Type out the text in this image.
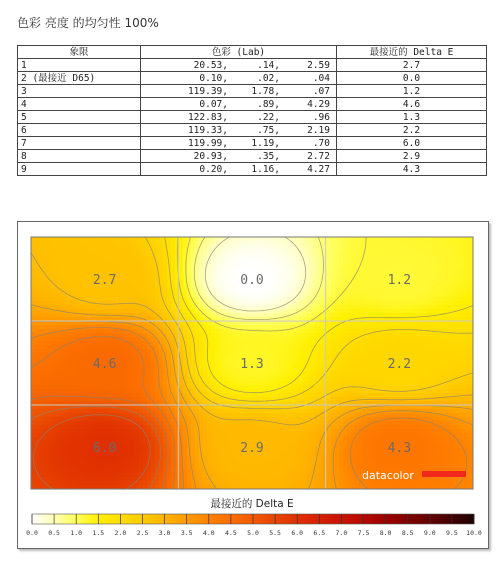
色彩 亮度 的均匀性 100%
象限	色彩 (Lab)	最接近的 Delta E
1	20.53, .14, 2.59	2.7
2 (最接近 D65)	0.10, .02, .04	0.0
3	119.39, 1.78, .07	1.2
4	0.07, .89, 4.29	4.6
5	122.83, .22, .96	1.3
6	119.33, .75, 2.19	2.2
7	119.99, 1.19, .70	6.0
8	20.93, .35, 2.72	2.9
9	0.20, 1.16, 4.27	4.3
2.7	0.0	1.2
4.6	1.3	2.2
6.0	2.9	4.3
datacolor
最接近的 Delta E
0.0 0.5 1.0 1.5 2.0 2.5 3.0 3.5 4.0 4.5 5.0 5.5 6.0 6.5 7.0 7.5 8.0 8.5 9.0 9.5 10.0
